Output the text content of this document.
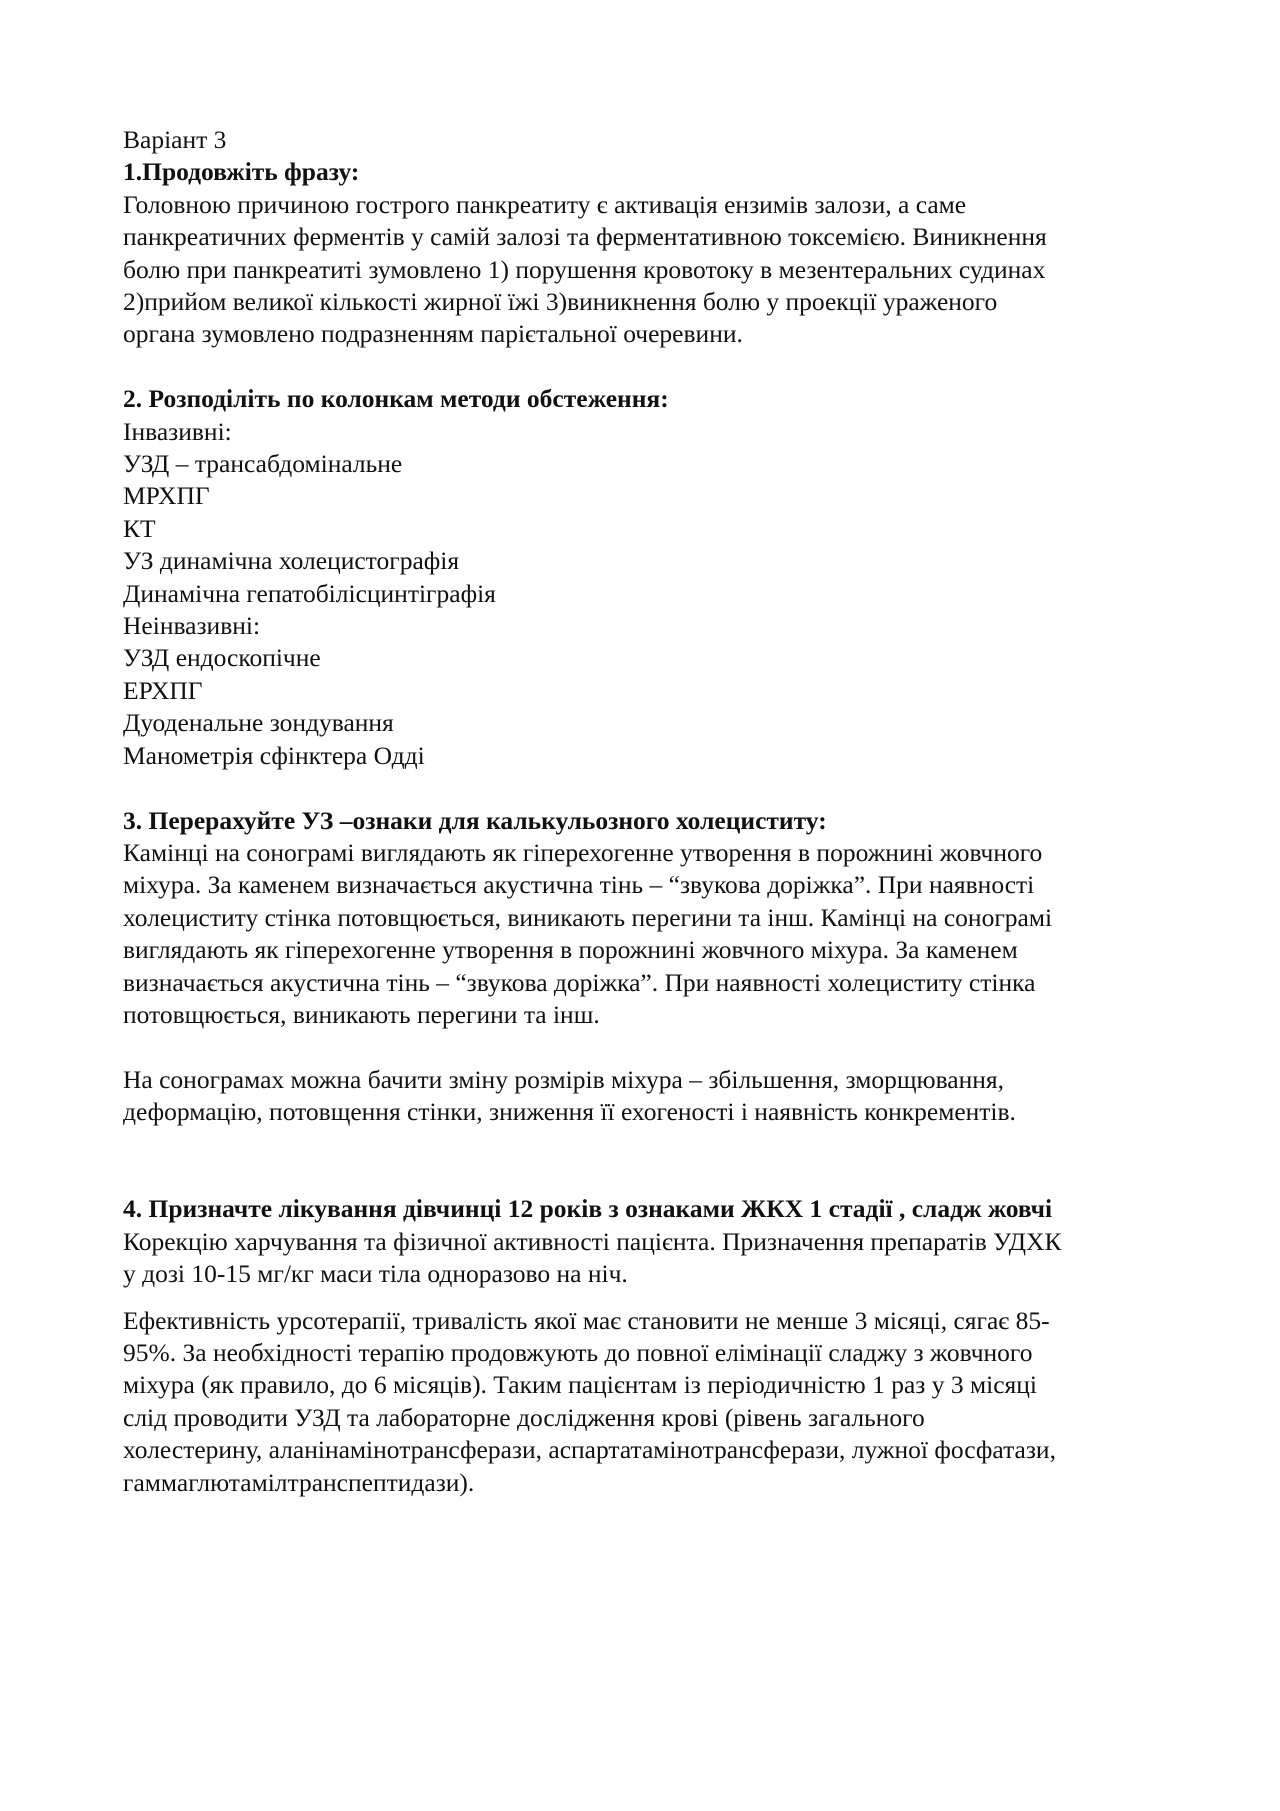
Варіант 3
1.Продовжіть фразу:
Головною причиною гострого панкреатиту є активація ензимів залози, а саме
панкреатичних ферментів у самій залозі та ферментативною токсемією. Виникнення
болю при панкреатиті зумовлено 1) порушення кровотоку в мезентеральних судинах
2)прийом великої кількості жирної їжі 3)виникнення болю у проекції ураженого
органа зумовлено подразненням парієтальної очеревини.
2. Розподіліть по колонкам методи обстеження:
Інвазивні:
УЗД – трансабдомінальне
МРХПГ
КТ
УЗ динамічна холецистографія
Динамічна гепатобілісцинтіграфія
Неінвазивні:
УЗД ендоскопічне
ЕРХПГ
Дуоденальне зондування
Манометрія сфінктера Одді
3. Перерахуйте УЗ –ознаки для калькульозного холециститу:
Камінці на сонограмі виглядають як гіперехогенне утворення в порожнині жовчного
міхура. За каменем визначається акустична тінь – “звукова доріжка”. При наявності
холециститу стінка потовщюється, виникають перегини та інш. Камінці на сонограмі
виглядають як гіперехогенне утворення в порожнині жовчного міхура. За каменем
визначається акустична тінь – “звукова доріжка”. При наявності холециститу стінка
потовщюється, виникають перегини та інш.
На сонограмах можна бачити зміну розмірів міхура – збільшення, зморщювання,
деформацію, потовщення стінки, зниження її ехогеності і наявність конкрементів.
4. Призначте лікування дівчинці 12 років з ознаками ЖКХ 1 стадії , сладж жовчі
Корекцію харчування та фізичної активності пацієнта. Призначення препаратів УДХК
у дозі 10-15 мг/кг маси тіла одноразово на ніч.
Ефективність урсотерапії, тривалість якої має становити не менше 3 місяці, сягає 85-
95%. За необхідності терапію продовжують до повної елімінації сладжу з жовчного
міхура (як правило, до 6 місяців). Таким пацієнтам із періодичністю 1 раз у 3 місяці
слід проводити УЗД та лабораторне дослідження крові (рівень загального
холестерину, аланінамінотрансферази, аспартатамінотрансферази, лужної фосфатази,
гаммаглютамілтранспептидази).
